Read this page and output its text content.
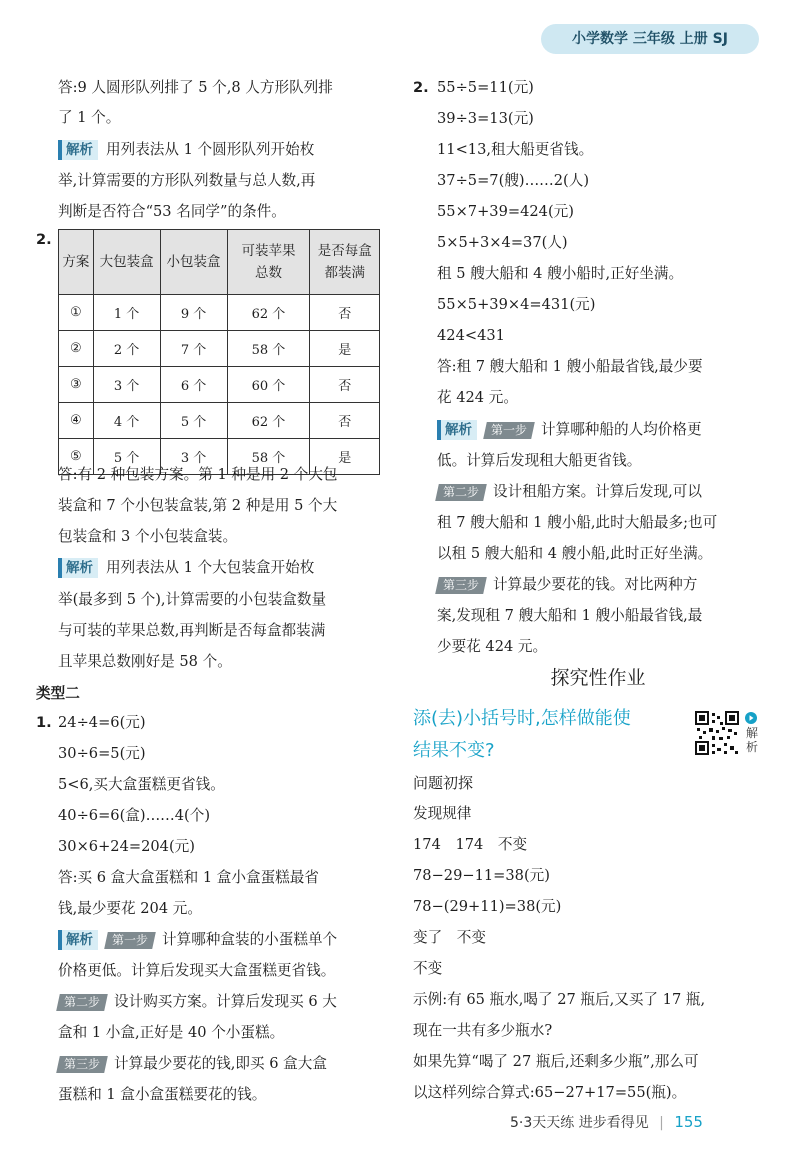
小学数学 三年级 上册 SJ
答:9 人圆形队列排了 5 个,8 人方形队列排
了 1 个。
解析 用列表法从 1 个圆形队列开始枚
举,计算需要的方形队列数量与总人数,再
判断是否符合“53 名同学”的条件。
2.
方案	大包装盒	小包装盒	可装苹果总数	是否每盒都装满
①	1 个	9 个	62 个	否
②	2 个	7 个	58 个	是
③	3 个	6 个	60 个	否
④	4 个	5 个	62 个	否
⑤	5 个	3 个	58 个	是
答:有 2 种包装方案。第 1 种是用 2 个大包
装盒和 7 个小包装盒装,第 2 种是用 5 个大
包装盒和 3 个小包装盒装。
解析 用列表法从 1 个大包装盒开始枚
举(最多到 5 个),计算需要的小包装盒数量
与可装的苹果总数,再判断是否每盒都装满
且苹果总数刚好是 58 个。
类型二
1. 24÷4=6(元)
30÷6=5(元)
5<6,买大盒蛋糕更省钱。
40÷6=6(盒)……4(个)
30×6+24=204(元)
答:买 6 盒大盒蛋糕和 1 盒小盒蛋糕最省
钱,最少要花 204 元。
解析 第一步 计算哪种盒装的小蛋糕单个
价格更低。计算后发现买大盒蛋糕更省钱。
第二步 设计购买方案。计算后发现买 6 大
盒和 1 小盒,正好是 40 个小蛋糕。
第三步 计算最少要花的钱,即买 6 盒大盒
蛋糕和 1 盒小盒蛋糕要花的钱。
2. 55÷5=11(元)
39÷3=13(元)
11<13,租大船更省钱。
37÷5=7(艘)……2(人)
55×7+39=424(元)
5×5+3×4=37(人)
租 5 艘大船和 4 艘小船时,正好坐满。
55×5+39×4=431(元)
424<431
答:租 7 艘大船和 1 艘小船最省钱,最少要
花 424 元。
解析 第一步 计算哪种船的人均价格更
低。计算后发现租大船更省钱。
第二步 设计租船方案。计算后发现,可以
租 7 艘大船和 1 艘小船,此时大船最多;也可
以租 5 艘大船和 4 艘小船,此时正好坐满。
第三步 计算最少要花的钱。对比两种方
案,发现租 7 艘大船和 1 艘小船最省钱,最
少要花 424 元。
探究性作业
添(去)小括号时,怎样做能使
结果不变?
解析
问题初探
发现规律
174　174　不变
78−29−11=38(元)
78−(29+11)=38(元)
变了　不变
不变
示例:有 65 瓶水,喝了 27 瓶后,又买了 17 瓶,
现在一共有多少瓶水?
如果先算“喝了 27 瓶后,还剩多少瓶”,那么可
以这样列综合算式:65−27+17=55(瓶)。
5·3天天练 进步看得见 | 155
